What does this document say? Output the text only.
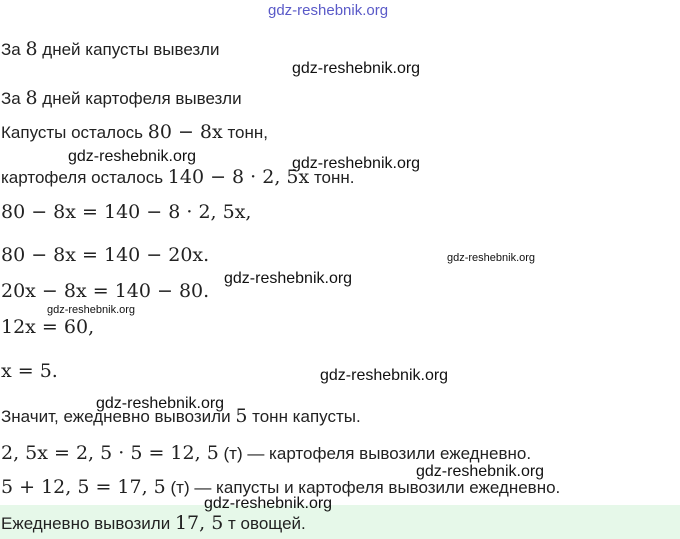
За 8 дней капусты вывезли
За 8 дней картофеля вывезли
Капусты осталось 80 − 8x тонн,
картофеля осталось 140 − 8 · 2, 5x тонн.
80 − 8x = 140 − 8 · 2, 5x,
80 − 8x = 140 − 20x.
20x − 8x = 140 − 80.
12x = 60,
x = 5.
Значит, ежедневно вывозили 5 тонн капусты.
2, 5x = 2, 5 · 5 = 12, 5 (т) — картофеля вывозили ежедневно.
5 + 12, 5 = 17, 5 (т) — капусты и картофеля вывозили ежедневно.
Ежедневно вывозили 17, 5 т овощей.
gdz-reshebnik.org
gdz-reshebnik.org
gdz-reshebnik.org
gdz-reshebnik.org
gdz-reshebnik.org
gdz-reshebnik.org
gdz-reshebnik.org
gdz-reshebnik.org
gdz-reshebnik.org
gdz-reshebnik.org
gdz-reshebnik.org
